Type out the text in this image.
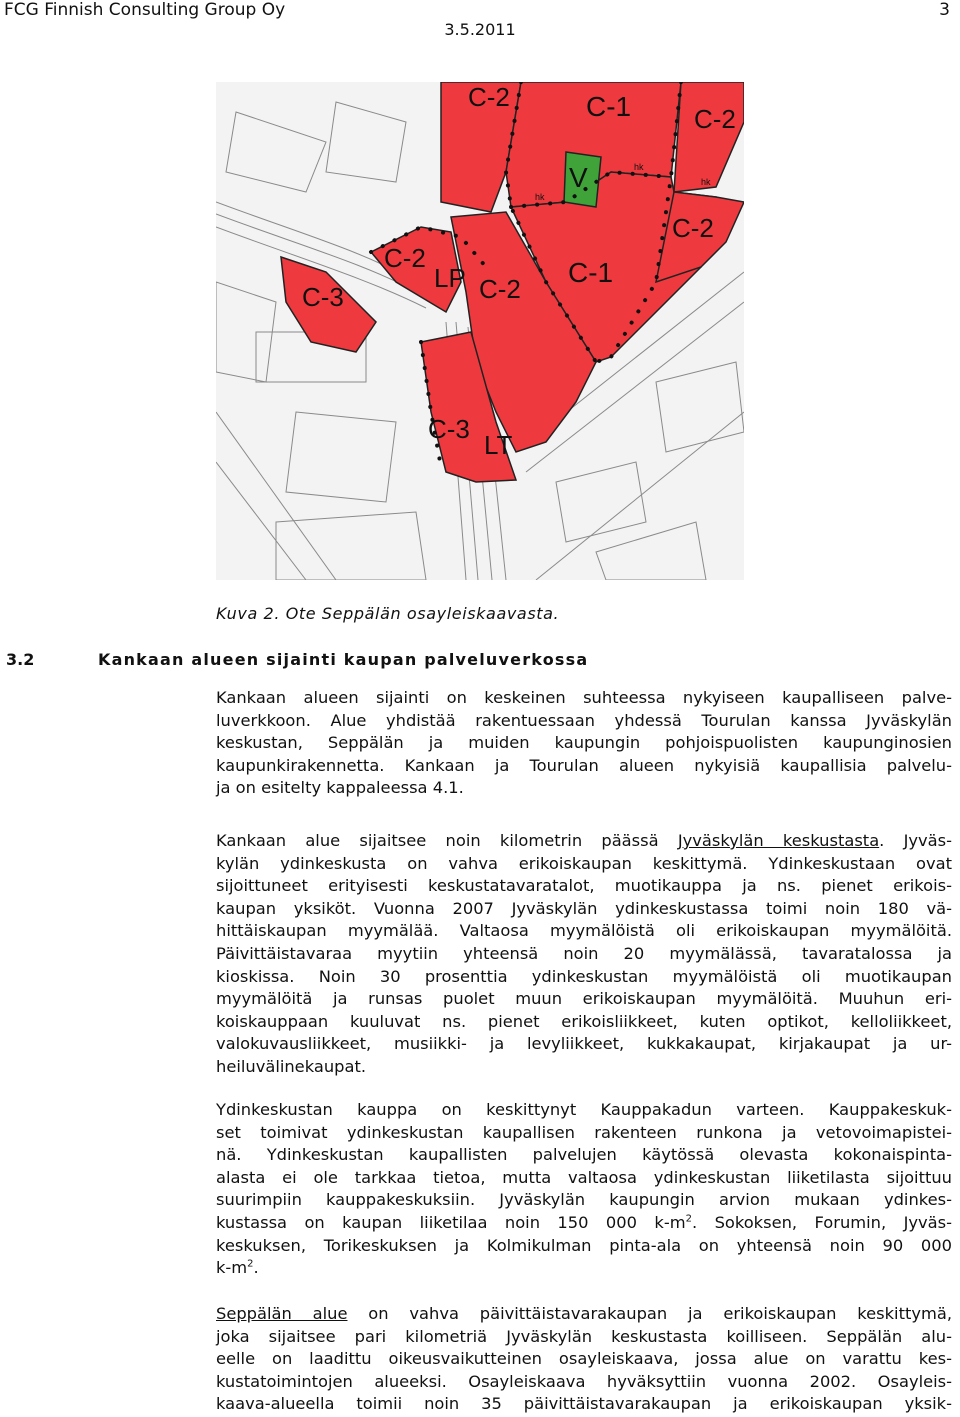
FCG Finnish Consulting Group Oy	3
3.5.2011
C-2	C-1 C-2
V
C-2
C-1
C-2
LP C-2
C-3
C-3
LT
hk
hk
hk
Kuva 2. Ote Seppälän osayleiskaavasta.
3.2	Kankaan alueen sijainti kaupan palveluverkossa
Kankaan alueen sijainti on keskeinen suhteessa nykyiseen kaupalliseen palve-
luverkkoon. Alue yhdistää rakentuessaan yhdessä Tourulan kanssa Jyväskylän
keskustan, Seppälän ja muiden kaupungin pohjoispuolisten kaupunginosien
kaupunkirakennetta. Kankaan ja Tourulan alueen nykyisiä kaupallisia palvelu-
ja on esitelty kappaleessa 4.1.
Kankaan alue sijaitsee noin kilometrin päässä Jyväskylän keskustasta. Jyväs-
kylän ydinkeskusta on vahva erikoiskaupan keskittymä. Ydinkeskustaan ovat
sijoittuneet erityisesti keskustatavaratalot, muotikauppa ja ns. pienet erikois-
kaupan yksiköt. Vuonna 2007 Jyväskylän ydinkeskustassa toimi noin 180 vä-
hittäiskaupan myymälää. Valtaosa myymälöistä oli erikoiskaupan myymälöitä.
Päivittäistavaraa myytiin yhteensä noin 20 myymälässä, tavaratalossa ja
kioskissa. Noin 30 prosenttia ydinkeskustan myymälöistä oli muotikaupan
myymälöitä ja runsas puolet muun erikoiskaupan myymälöitä. Muuhun eri-
koiskauppaan kuuluvat ns. pienet erikoisliikkeet, kuten optikot, kelloliikkeet,
valokuvausliikkeet, musiikki- ja levyliikkeet, kukkakaupat, kirjakaupat ja ur-
heiluvälinekaupat.
Ydinkeskustan kauppa on keskittynyt Kauppakadun varteen. Kauppakeskuk-
set toimivat ydinkeskustan kaupallisen rakenteen runkona ja vetovoimapistei-
nä. Ydinkeskustan kaupallisten palvelujen käytössä olevasta kokonaispinta-
alasta ei ole tarkkaa tietoa, mutta valtaosa ydinkeskustan liiketilasta sijoittuu
suurimpiin kauppakeskuksiin. Jyväskylän kaupungin arvion mukaan ydinkes-
kustassa on kaupan liiketilaa noin 150 000 $k-m^2$. Sokoksen, Forumin, Jyväs-
keskuksen, Torikeskuksen ja Kolmikulman pinta-ala on yhteensä noin 90 000
$k-m^2$.
Seppälän alue on vahva päivittäistavarakaupan ja erikoiskaupan keskittymä,
joka sijaitsee pari kilometriä Jyväskylän keskustasta koilliseen. Seppälän alu-
eelle on laadittu oikeusvaikutteinen osayleiskaava, jossa alue on varattu kes-
kustatoimintojen alueeksi. Osayleiskaava hyväksyttiin vuonna 2002. Osayleis-
kaava-alueella toimii noin 35 päivittäistavarakaupan ja erikoiskaupan yksik-
